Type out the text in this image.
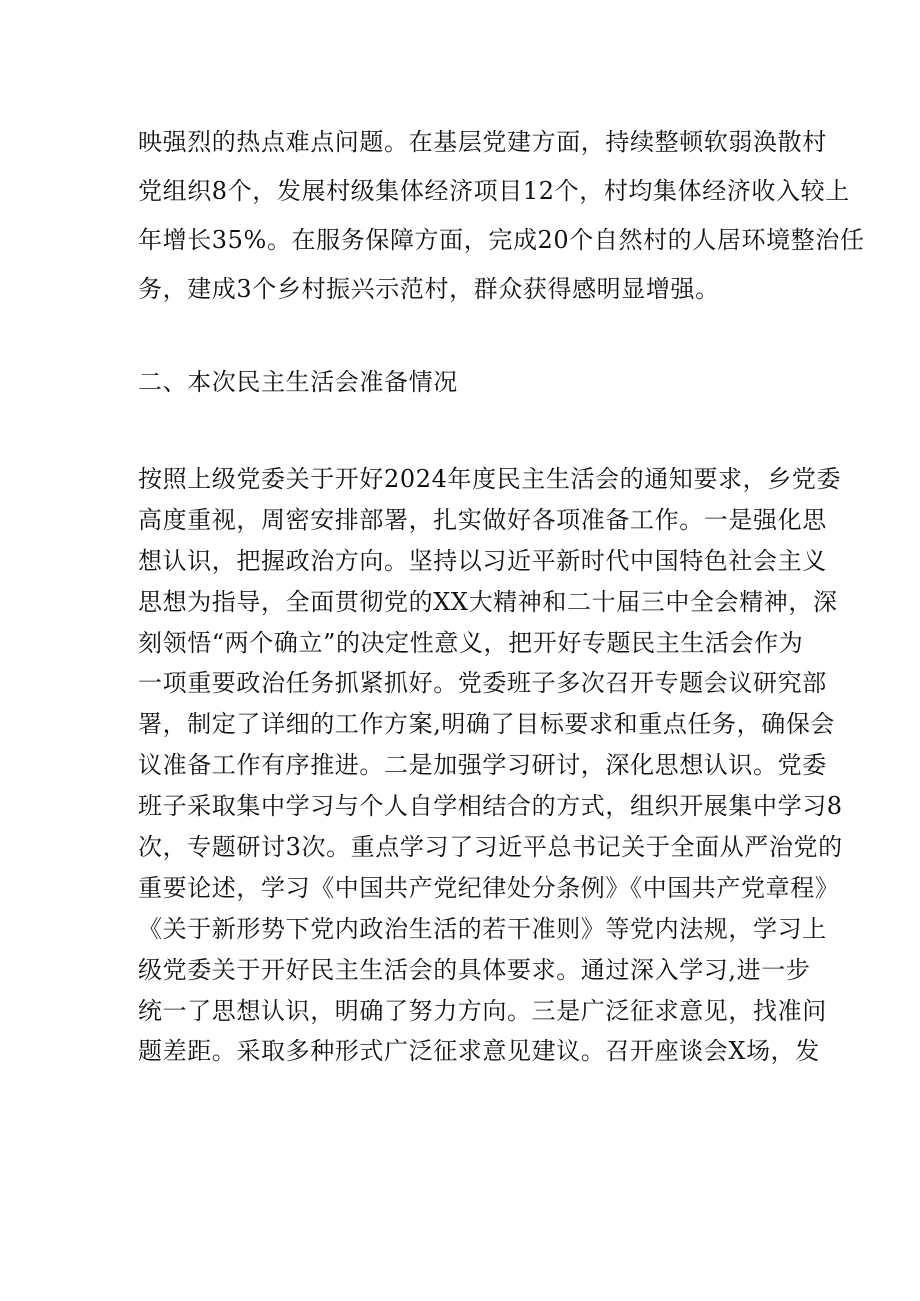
映强烈的热点难点问题。在基层党建方面，持续整顿软弱涣散村
党组织8个，发展村级集体经济项目12个，村均集体经济收入较上
年增长35%。在服务保障方面，完成20个自然村的人居环境整治任
务，建成3个乡村振兴示范村，群众获得感明显增强。
二、本次民主生活会准备情况
按照上级党委关于开好2024年度民主生活会的通知要求，乡党委
高度重视，周密安排部署，扎实做好各项准备工作。一是强化思
想认识，把握政治方向。坚持以习近平新时代中国特色社会主义
思想为指导，全面贯彻党的XX大精神和二十届三中全会精神，深
刻领悟“两个确立”的决定性意义，把开好专题民主生活会作为
一项重要政治任务抓紧抓好。党委班子多次召开专题会议研究部
署，制定了详细的工作方案,明确了目标要求和重点任务，确保会
议准备工作有序推进。二是加强学习研讨，深化思想认识。党委
班子采取集中学习与个人自学相结合的方式，组织开展集中学习8
次，专题研讨3次。重点学习了习近平总书记关于全面从严治党的
重要论述，学习《中国共产党纪律处分条例》《中国共产党章程》
《关于新形势下党内政治生活的若干准则》等党内法规，学习上
级党委关于开好民主生活会的具体要求。通过深入学习,进一步
统一了思想认识，明确了努力方向。三是广泛征求意见，找准问
题差距。采取多种形式广泛征求意见建议。召开座谈会X场，发
